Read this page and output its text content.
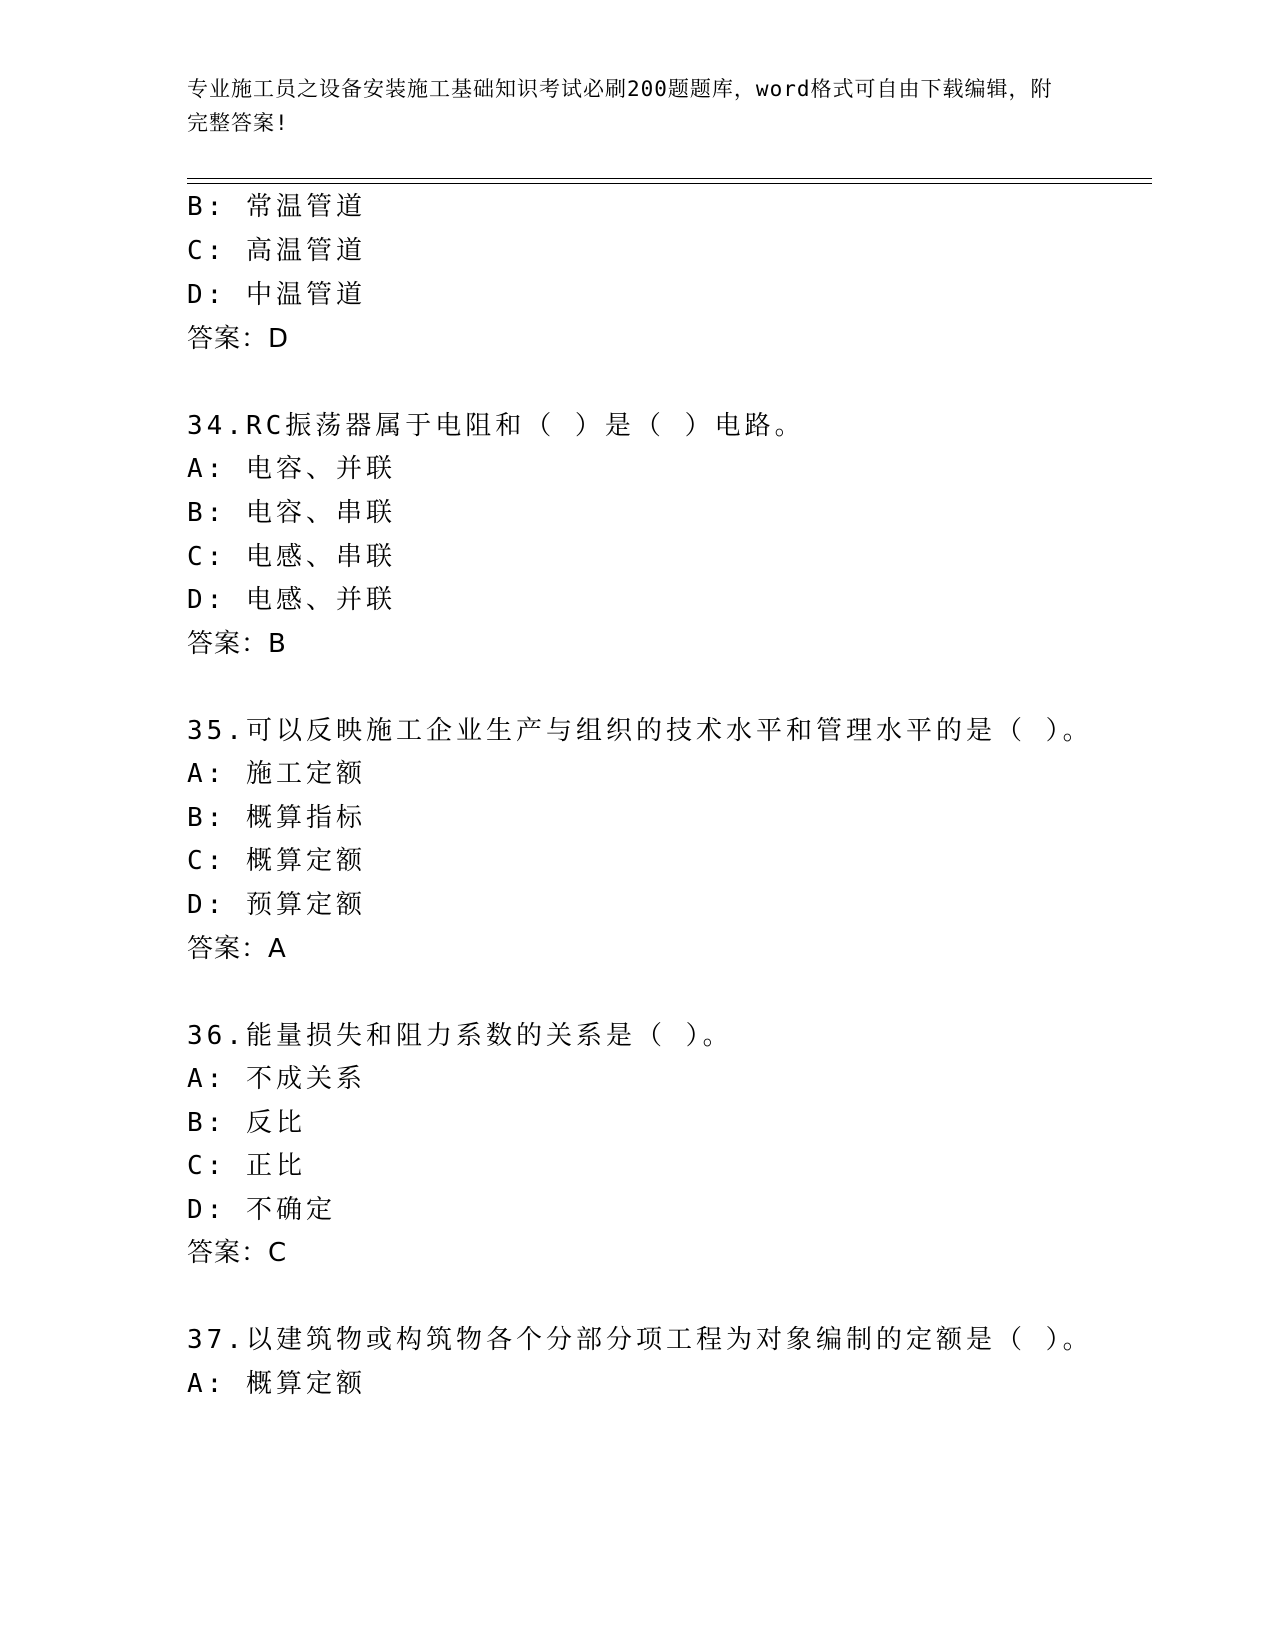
专业施工员之设备安装施工基础知识考试必刷200题题库，word格式可自由下载编辑，附完整答案!
B: 常温管道
C: 高温管道
D: 中温管道
答案：D
34.RC振荡器属于电阻和（ ）是（ ）电路。
A: 电容、并联
B: 电容、串联
C: 电感、串联
D: 电感、并联
答案：B
35.可以反映施工企业生产与组织的技术水平和管理水平的是（ ）。
A: 施工定额
B: 概算指标
C: 概算定额
D: 预算定额
答案：A
36.能量损失和阻力系数的关系是（ ）。
A: 不成关系
B: 反比
C: 正比
D: 不确定
答案：C
37.以建筑物或构筑物各个分部分项工程为对象编制的定额是（ ）。
A: 概算定额
